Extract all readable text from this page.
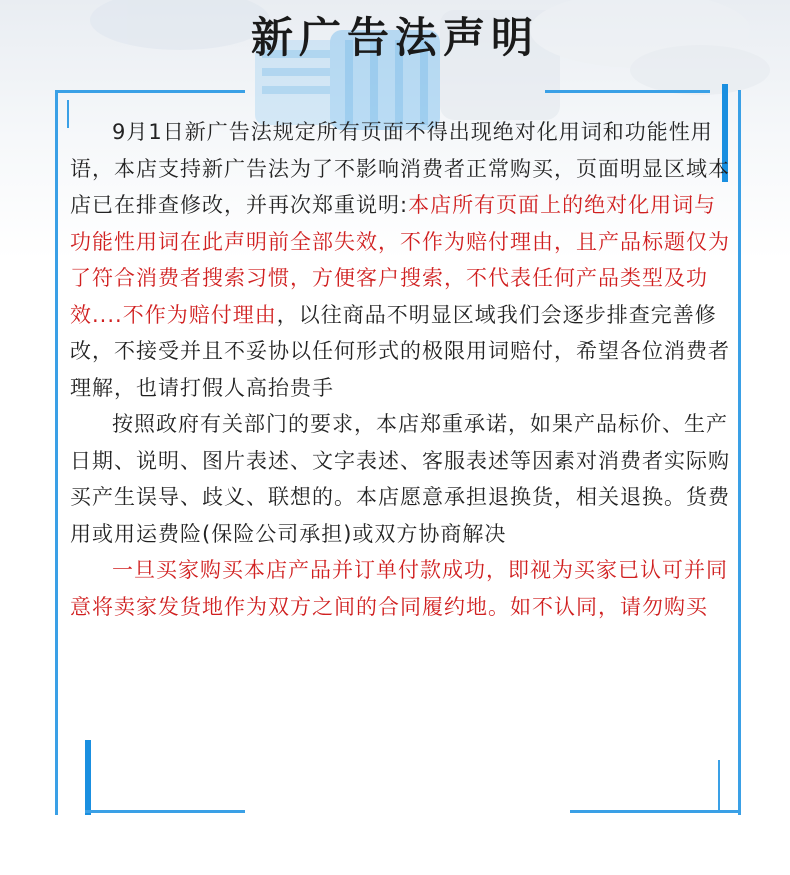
新广告法声明

9月1日新广告法规定所有页面不得出现绝对化用词和功能性用语，本店支持新广告法为了不影响消费者正常购买，页面明显区域本店已在排查修改，并再次郑重说明:本店所有页面上的绝对化用词与功能性用词在此声明前全部失效，不作为赔付理由，且产品标题仅为了符合消费者搜索习惯，方便客户搜索，不代表任何产品类型及功效....不作为赔付理由，以往商品不明显区域我们会逐步排查完善修改，不接受并且不妥协以任何形式的极限用词赔付，希望各位消费者理解，也请打假人高抬贵手

按照政府有关部门的要求，本店郑重承诺，如果产品标价、生产日期、说明、图片表述、文字表述、客服表述等因素对消费者实际购买产生误导、歧义、联想的。本店愿意承担退换货，相关退换。货费用或用运费险(保险公司承担)或双方协商解决

一旦买家购买本店产品并订单付款成功，即视为买家已认可并同意将卖家发货地作为双方之间的合同履约地。如不认同，请勿购买
